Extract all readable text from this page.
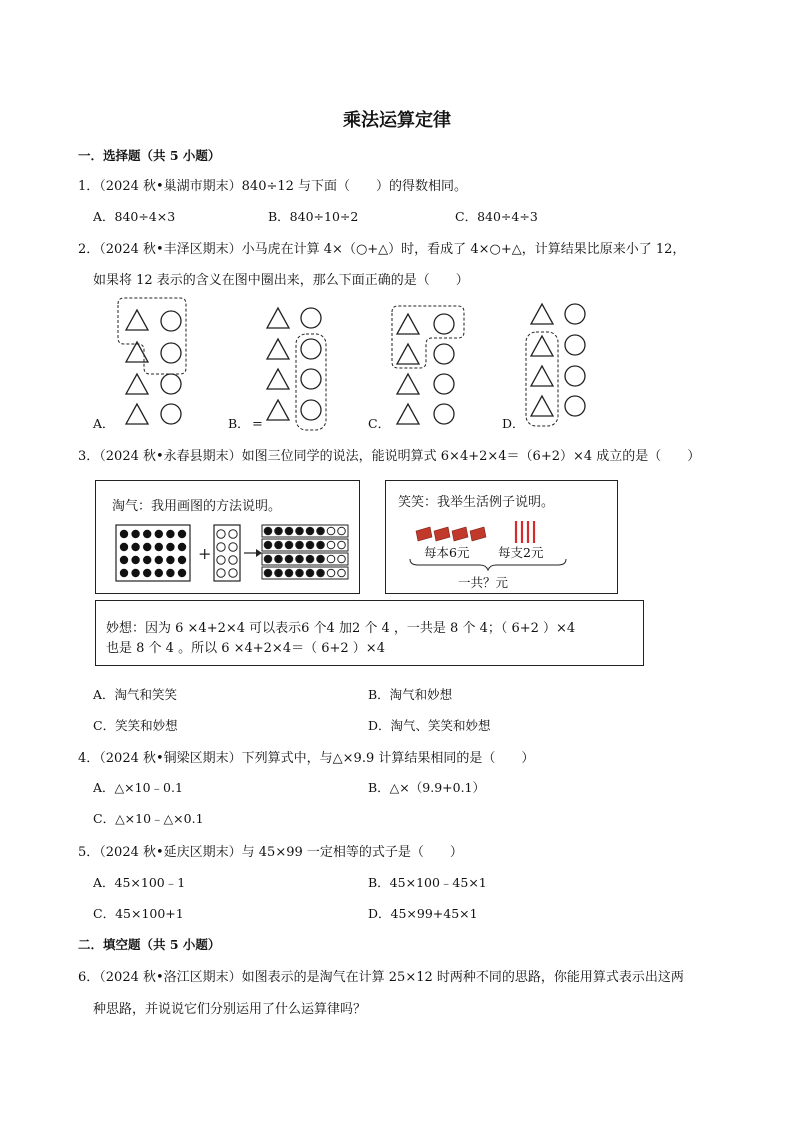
乘法运算定律
一．选择题（共 5 小题）
1．（2024 秋•巢湖市期末）840÷12 与下面（　　）的得数相同。
A．840÷4×3	B．840÷10÷2	C．840÷4÷3
2．（2024 秋•丰泽区期末）小马虎在计算 4×（○+△）时，看成了 4×○+△，计算结果比原来小了 12，
如果将 12 表示的含义在图中圈出来，那么下面正确的是（　　）
A．	B．	C．	D．
=
3．（2024 秋•永春县期末）如图三位同学的说法，能说明算式 6×4+2×4＝（6+2）×4 成立的是（　　）
淘气：我用画图的方法说明。
+
笑笑：我举生活例子说明。
每本6元 每支2元
一共？元
妙想：因为 6 ×4+2×4 可以表示6 个4 加2 个 4 ，一共是 8 个 4；（ 6+2 ）×4
也是 8 个 4 。所以 6 ×4+2×4＝（ 6+2 ）×4
A．淘气和笑笑	B．淘气和妙想
C．笑笑和妙想	D．淘气、笑笑和妙想
4．（2024 秋•铜梁区期末）下列算式中，与△×9.9 计算结果相同的是（　　）
A．△×10﹣0.1	B．△×（9.9+0.1）
C．△×10﹣△×0.1
5．（2024 秋•延庆区期末）与 45×99 一定相等的式子是（　　）
A．45×100﹣1	B．45×100﹣45×1
C．45×100+1	D．45×99+45×1
二．填空题（共 5 小题）
6．（2024 秋•洛江区期末）如图表示的是淘气在计算 25×12 时两种不同的思路，你能用算式表示出这两
种思路，并说说它们分别运用了什么运算律吗？
